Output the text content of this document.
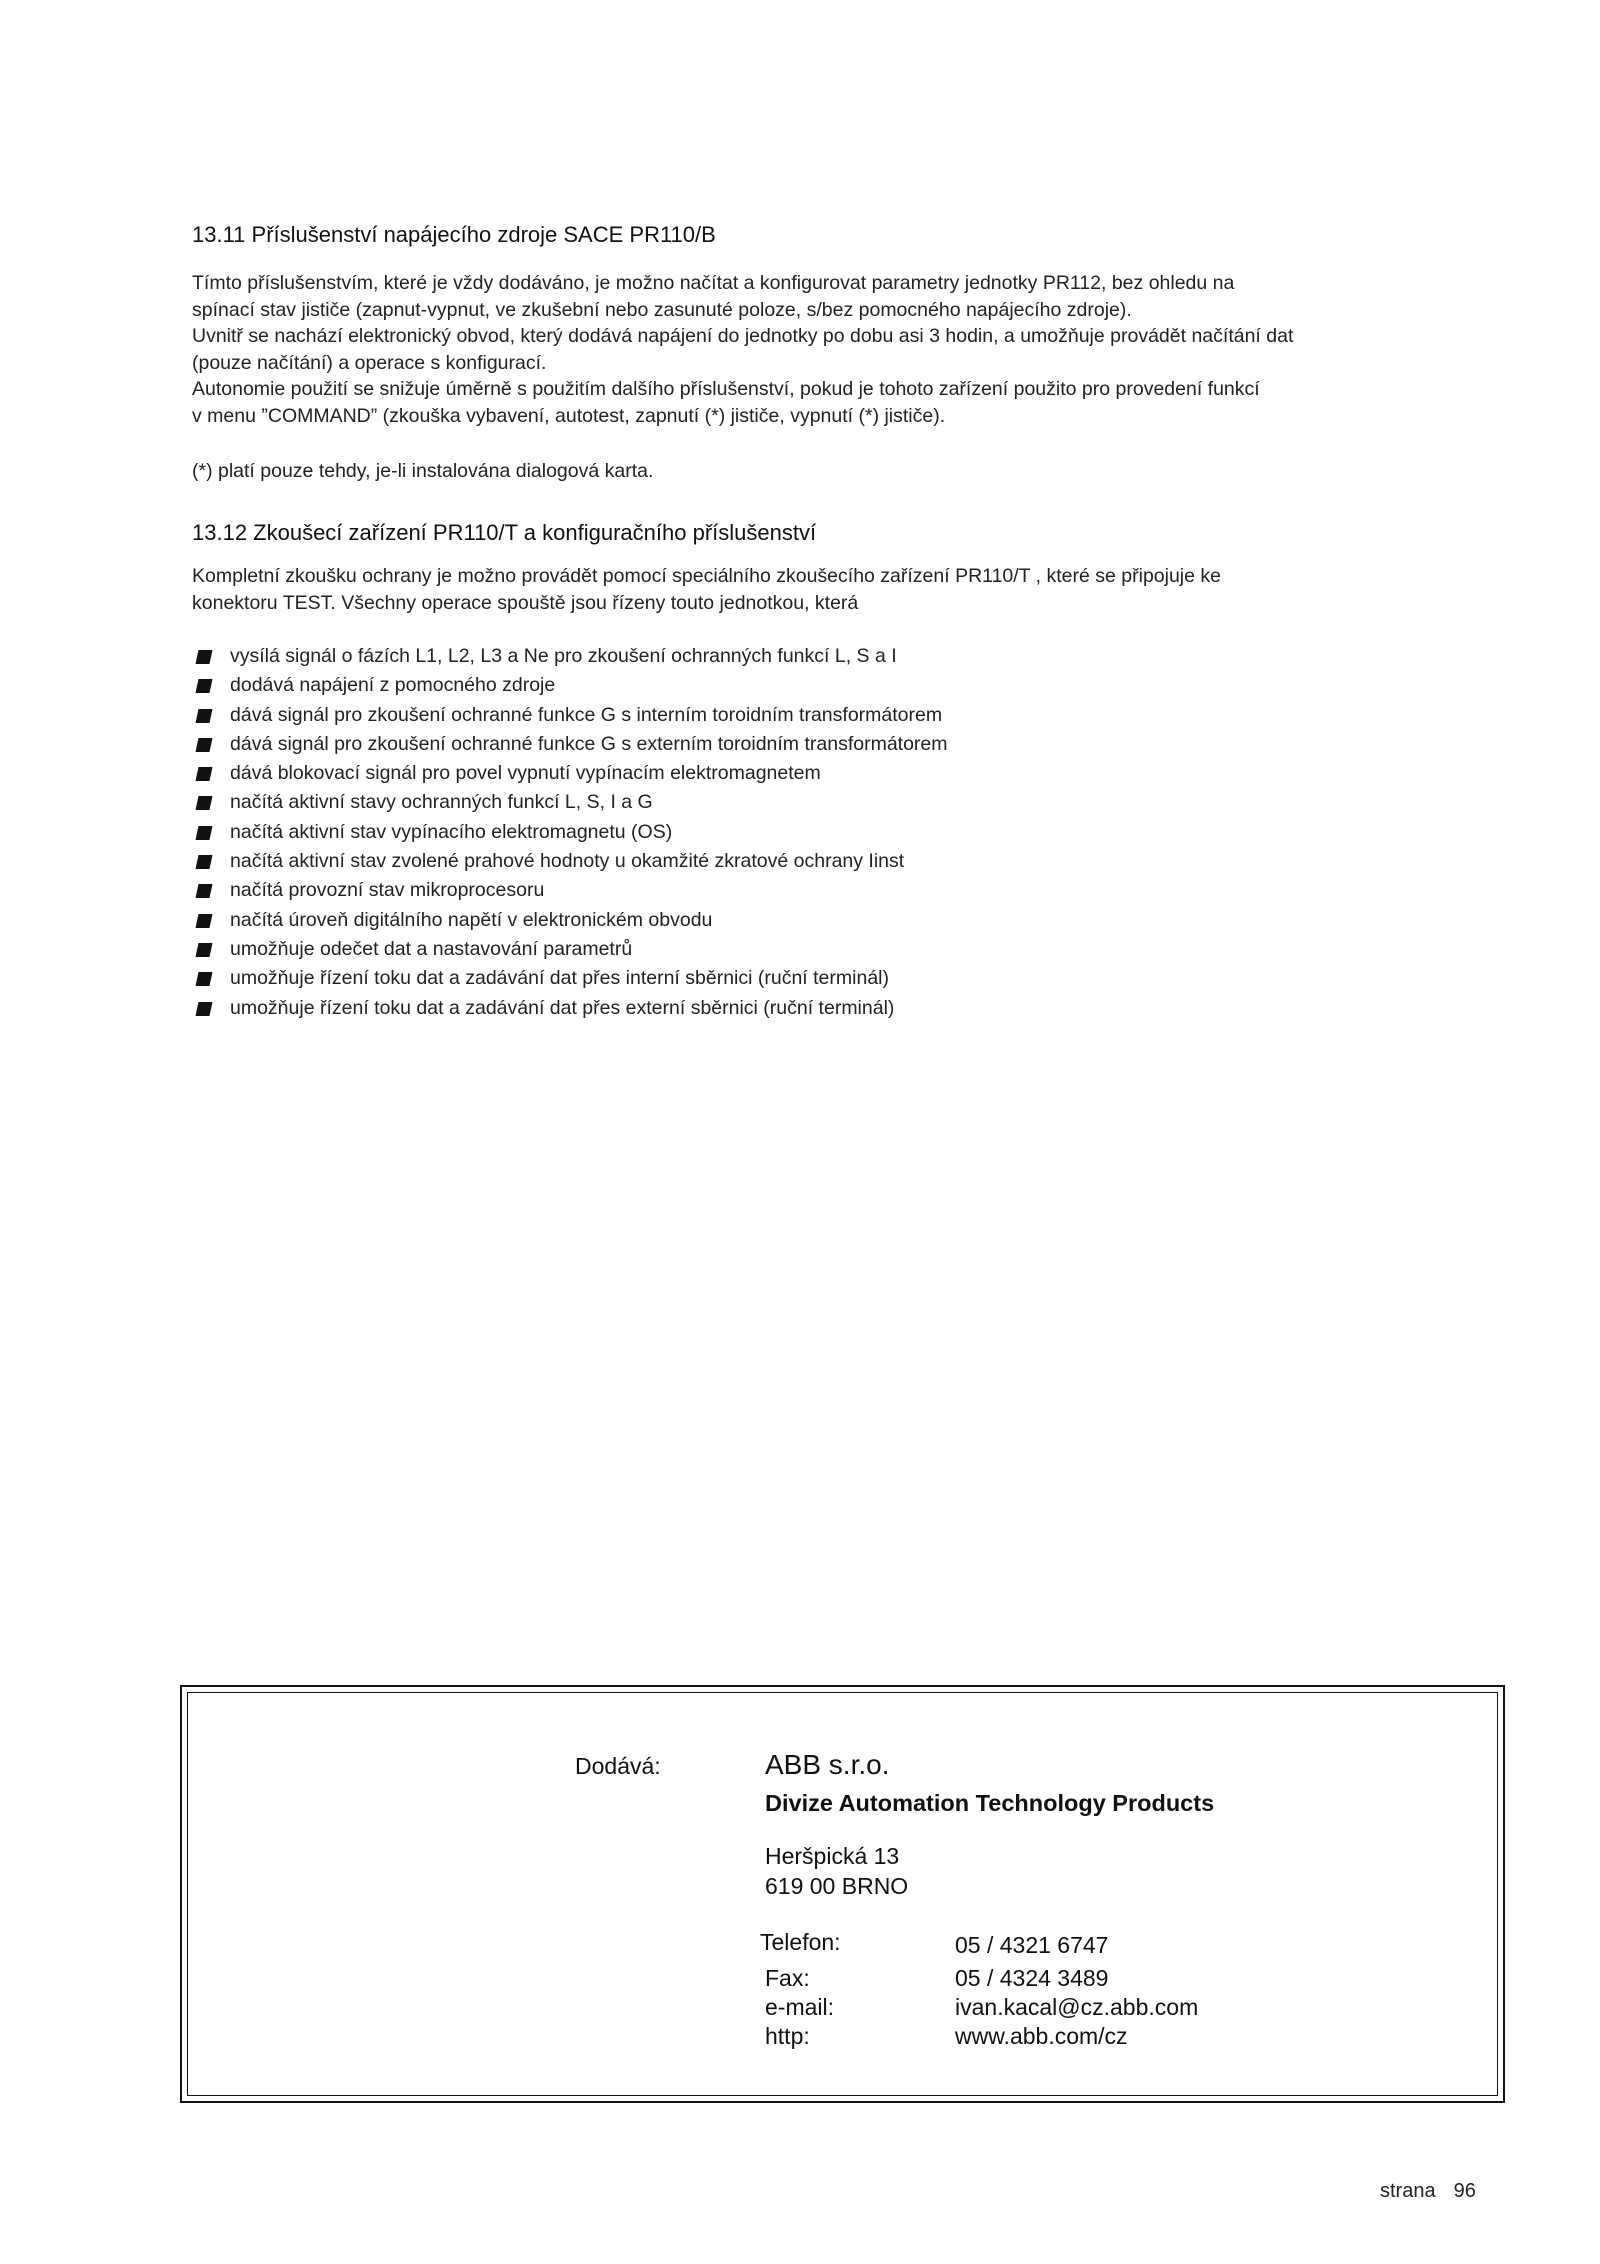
13.11 Příslušenství napájecího zdroje SACE PR110/B

Tímto příslušenstvím, které je vždy dodáváno, je možno načítat a konfigurovat parametry jednotky PR112, bez ohledu na
spínací stav jističe (zapnut-vypnut, ve zkušební nebo zasunuté poloze, s/bez pomocného napájecího zdroje).
Uvnitř se nachází elektronický obvod, který dodává napájení do jednotky po dobu asi 3 hodin, a umožňuje provádět načítání dat
(pouze načítání) a operace s konfigurací.
Autonomie použití se snižuje úměrně s použitím dalšího příslušenství, pokud je tohoto zařízení použito pro provedení funkcí
v menu ”COMMAND” (zkouška vybavení, autotest, zapnutí (*) jističe, vypnutí (*) jističe).

(*) platí pouze tehdy, je-li instalována dialogová karta.

13.12 Zkoušecí zařízení PR110/T a konfiguračního příslušenství

Kompletní zkoušku ochrany je možno provádět pomocí speciálního zkoušecího zařízení PR110/T , které se připojuje ke
konektoru TEST. Všechny operace spouště jsou řízeny touto jednotkou, která

vysílá signál o fázích L1, L2, L3 a Ne pro zkoušení ochranných funkcí L, S a I
dodává napájení z pomocného zdroje
dává signál pro zkoušení ochranné funkce G s interním toroidním transformátorem
dává signál pro zkoušení ochranné funkce G s externím toroidním transformátorem
dává blokovací signál pro povel vypnutí vypínacím elektromagnetem
načítá aktivní stavy ochranných funkcí L, S, I a G
načítá aktivní stav vypínacího elektromagnetu (OS)
načítá aktivní stav zvolené prahové hodnoty u okamžité zkratové ochrany Iinst
načítá provozní stav mikroprocesoru
načítá úroveň digitálního napětí v elektronickém obvodu
umožňuje odečet dat a nastavování parametrů
umožňuje řízení toku dat a zadávání dat přes interní sběrnici (ruční terminál)
umožňuje řízení toku dat a zadávání dat přes externí sběrnici (ruční terminál)
Dodává:	ABB s.r.o.
Divize Automation Technology Products
Heršpická 13
619 00 BRNO
Telefon:	05 / 4321 6747
Fax:	05 / 4324 3489
e-mail:	ivan.kacal@cz.abb.com
http:	www.abb.com/cz
strana 96
